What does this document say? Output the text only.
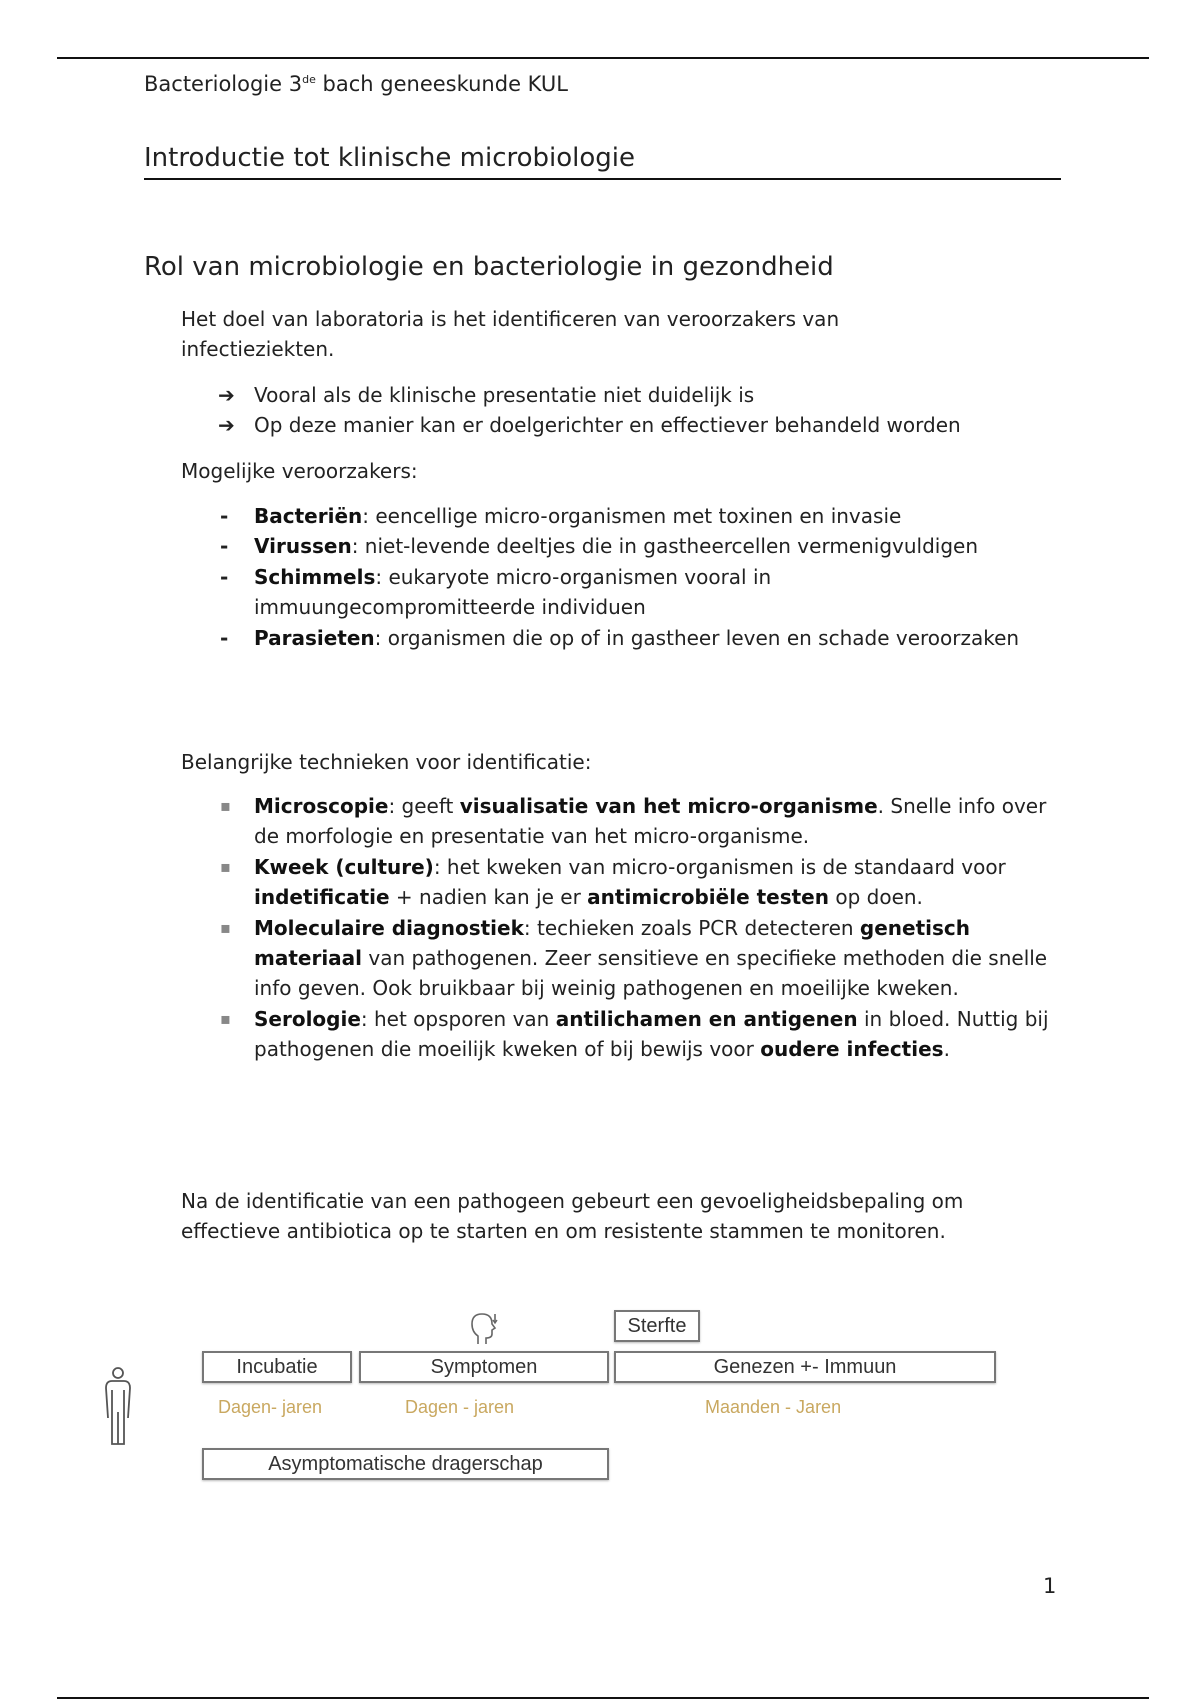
Bacteriologie 3de bach geneeskunde KUL
Introductie tot klinische microbiologie
Rol van microbiologie en bacteriologie in gezondheid
Het doel van laboratoria is het identificeren van veroorzakers van infectieziekten.
➔ Vooral als de klinische presentatie niet duidelijk is
➔ Op deze manier kan er doelgerichter en effectiever behandeld worden
Mogelijke veroorzakers:
- Bacteriën: eencellige micro-organismen met toxinen en invasie
- Virussen: niet-levende deeltjes die in gastheercellen vermenigvuldigen
- Schimmels: eukaryote micro-organismen vooral in immuungecompromitteerde individuen
- Parasieten: organismen die op of in gastheer leven en schade veroorzaken
Belangrijke technieken voor identificatie:
▪ Microscopie: geeft visualisatie van het micro-organisme. Snelle info over de morfologie en presentatie van het micro-organisme.
▪ Kweek (culture): het kweken van micro-organismen is de standaard voor indetificatie + nadien kan je er antimicrobiële testen op doen.
▪ Moleculaire diagnostiek: techieken zoals PCR detecteren genetisch materiaal van pathogenen. Zeer sensitieve en specifieke methoden die snelle info geven. Ook bruikbaar bij weinig pathogenen en moeilijke kweken.
▪ Serologie: het opsporen van antilichamen en antigenen in bloed. Nuttig bij pathogenen die moeilijk kweken of bij bewijs voor oudere infecties.
Na de identificatie van een pathogeen gebeurt een gevoeligheidsbepaling om effectieve antibiotica op te starten en om resistente stammen te monitoren.
Sterfte
Incubatie	Symptomen	Genezen +- Immuun
Dagen- jaren	Dagen - jaren	Maanden - Jaren
Asymptomatische dragerschap
1
